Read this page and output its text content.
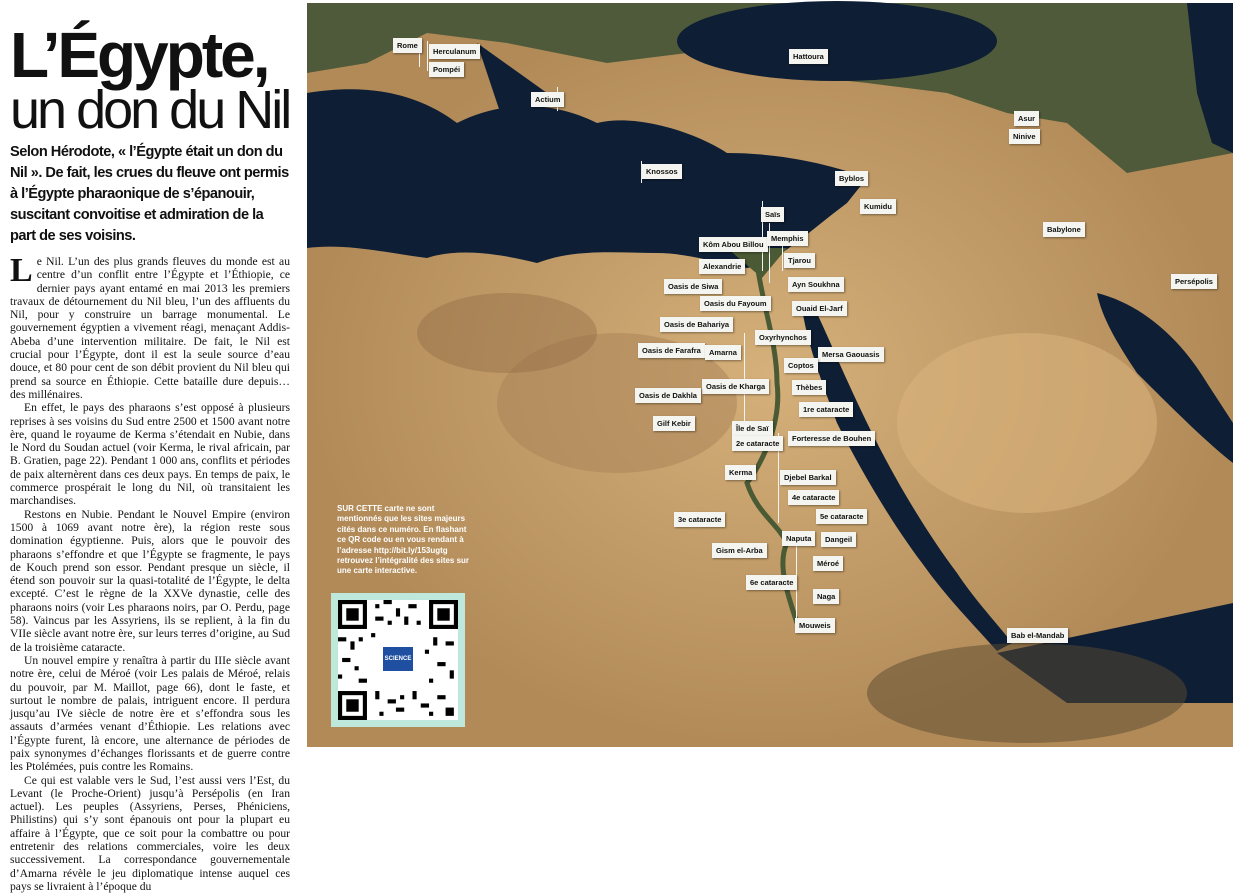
L’Égypte,
un don du Nil
Selon Hérodote, « l’Égypte était un don du Nil ». De fait, les crues du fleuve ont permis à l’Égypte pharaonique de s’épanouir, suscitant convoitise et admiration de la part de ses voisins.

Le Nil. L’un des plus grands fleuves du monde est au centre d’un conflit entre l’Égypte et l’Éthiopie, ce dernier pays ayant entamé en mai 2013 les premiers travaux de détournement du Nil bleu, l’un des affluents du Nil, pour y construire un barrage monumental. Le gouvernement égyptien a vivement réagi, menaçant Addis-Abeba d’une intervention militaire. De fait, le Nil est crucial pour l’Égypte, dont il est la seule source d’eau douce, et 80 pour cent de son débit provient du Nil bleu qui prend sa source en Éthiopie. Cette bataille dure depuis… des millénaires.

En effet, le pays des pharaons s’est opposé à plusieurs reprises à ses voisins du Sud entre 2500 et 1500 avant notre ère, quand le royaume de Kerma s’étendait en Nubie, dans le Nord du Soudan actuel (voir Kerma, le rival africain, par B. Gratien, page 22). Pendant 1 000 ans, conflits et périodes de paix alternèrent dans ces deux pays. En temps de paix, le commerce prospérait le long du Nil, où transitaient les marchandises.

Restons en Nubie. Pendant le Nouvel Empire (environ 1500 à 1069 avant notre ère), la région reste sous domination égyptienne. Puis, alors que le pouvoir des pharaons s’effondre et que l’Égypte se fragmente, le pays de Kouch prend son essor. Pendant presque un siècle, il étend son pouvoir sur la quasi-totalité de l’Égypte, le delta excepté. C’est le règne de la XXVe dynastie, celle des pharaons noirs (voir Les pharaons noirs, par O. Perdu, page 58). Vaincus par les Assyriens, ils se replient, à la fin du VIIe siècle avant notre ère, sur leurs terres d’origine, au Sud de la troisième cataracte.

Un nouvel empire y renaîtra à partir du IIIe siècle avant notre ère, celui de Méroé (voir Les palais de Méroé, relais du pouvoir, par M. Maillot, page 66), dont le faste, et surtout le nombre de palais, intriguent encore. Il perdura jusqu’au IVe siècle de notre ère et s’effondra sous les assauts d’armées venant d’Éthiopie. Les relations avec l’Égypte furent, là encore, une alternance de périodes de paix synonymes d’échanges florissants et de guerre contre les Ptolémées, puis contre les Romains.

Ce qui est valable vers le Sud, l’est aussi vers l’Est, du Levant (le Proche-Orient) jusqu’à Persépolis (en Iran actuel). Les peuples (Assyriens, Perses, Phéniciens, Philistins) qui s’y sont épanouis ont pour la plupart eu affaire à l’Égypte, que ce soit pour la combattre ou pour entretenir des relations commerciales, voire les deux successivement. La correspondance gouvernementale d’Amarna révèle le jeu diplomatique intense auquel ces pays se livraient à l’époque du

Rome
Herculanum
Pompéi
Actium
Hattoura
Asur
Ninive
Knossos
Byblos
Kumidu
Babylone
Persépolis
Saïs
Kôm Abou Billou
Memphis
Alexandrie
Tjarou
Oasis de Siwa	Ayn Soukhna
Oasis du Fayoum
Ouaid El-Jarf
Oasis de Bahariya
Oxyrhynchos
Oasis de Farafra	Amarna	Mersa Gaouasis
Coptos
Oasis de Kharga
Oasis de Dakhla
Thèbes
1re cataracte
Gilf Kebir
Île de Saï
2e cataracte
Forteresse de Bouhen
Kerma
Djebel Barkal
4e cataracte
5e cataracte
3e cataracte
Naputa	Dangeil
Gism el-Arba
Méroé
6e cataracte
Naga
Mouweis
Bab el-Mandab
SUR CETTE carte ne sont mentionnés que les sites majeurs cités dans ce numéro. En flashant ce QR code ou en vous rendant à l’adresse http://bit.ly/153ugtg retrouvez l’intégralité des sites sur une carte interactive.
SCIENCE
